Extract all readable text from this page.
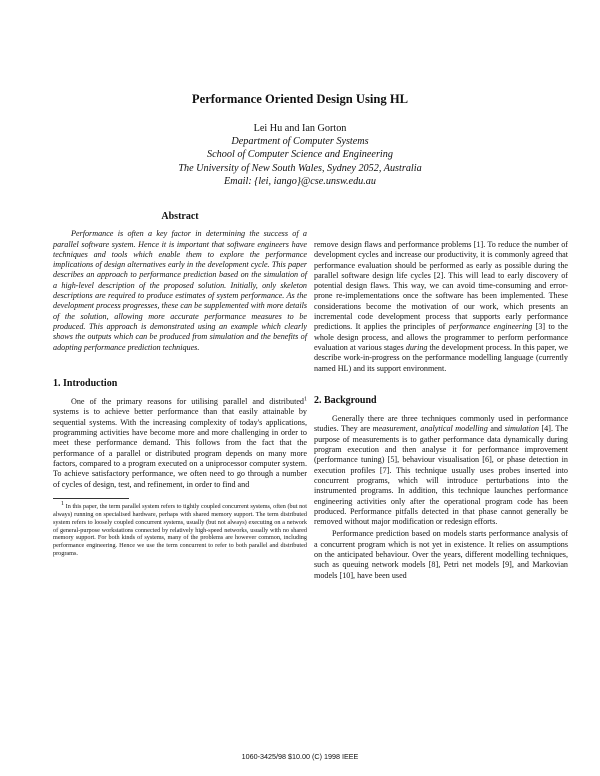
Performance Oriented Design Using HL
Lei Hu and Ian Gorton
Department of Computer Systems
School of Computer Science and Engineering
The University of New South Wales, Sydney 2052, Australia
Email: {lei, iango}@cse.unsw.edu.au
Abstract

Performance is often a key factor in determining the success of a parallel software system. Hence it is important that software engineers have techniques and tools which enable them to explore the performance implications of design alternatives early in the development cycle. This paper describes an approach to performance prediction based on the simulation of a high-level description of the proposed solution. Initially, only skeleton descriptions are required to produce estimates of system performance. As the development process progresses, these can be supplemented with more details of the solution, allowing more accurate performance measures to be produced. This approach is demonstrated using an example which clearly shows the outputs which can be produced from simulation and the benefits of adopting performance prediction techniques.

1. Introduction

One of the primary reasons for utilising parallel and distributed$^1$ systems is to achieve better performance than that easily attainable by sequential systems. With the increasing complexity of today's applications, programming activities have become more and more challenging in order to meet these performance demand. This follows from the fact that the performance of a parallel or distributed program depends on many more factors, compared to a program executed on a uniprocessor computer system. To achieve satisfactory performance, we often need to go through a number of cycles of design, test, and refinement, in order to find and

$^1$ In this paper, the term parallel system refers to tightly coupled concurrent systems, often (but not always) running on specialised hardware, perhaps with shared memory support. The term distributed system refers to loosely coupled concurrent systems, usually (but not always) executing on a network of general-purpose workstations connected by relatively high-speed networks, usually with no shared memory support. For both kinds of systems, many of the problems are however common, including performance engineering. Hence we use the term concurrent to refer to both parallel and distributed programs.

remove design flaws and performance problems [1]. To reduce the number of development cycles and increase our productivity, it is commonly agreed that performance evaluation should be performed as early as possible during the parallel software design life cycles [2]. This will lead to early discovery of potential design flaws. This way, we can avoid time-consuming and error-prone re-implementations once the software has been implemented. These considerations become the motivation of our work, which presents an incremental code development process that supports early performance predictions. It applies the principles of performance engineering [3] to the whole design process, and allows the programmer to perform performance evaluation at various stages during the development process. In this paper, we describe work-in-progress on the performance modelling language (currently named HL) and its support environment.

2. Background

Generally there are three techniques commonly used in performance studies. They are measurement, analytical modelling and simulation [4]. The purpose of measurements is to gather performance data dynamically during program execution and then analyse it for performance improvement (performance tuning) [5], behaviour visualisation [6], or phase detection in execution profiles [7]. This technique usually uses probes inserted into concurrent programs, which will introduce perturbations into the instrumented programs. In addition, this technique launches performance engineering activities only after the operational program code has been produced. Performance pitfalls detected in that phase cannot generally be removed without major modification or redesign efforts.

Performance prediction based on models starts performance analysis of a concurrent program which is not yet in existence. It relies on assumptions on the anticipated behaviour. Over the years, different modelling techniques, such as queuing network models [8], Petri net models [9], and Markovian models [10], have been used

1060-3425/98 $10.00 (C) 1998 IEEE
